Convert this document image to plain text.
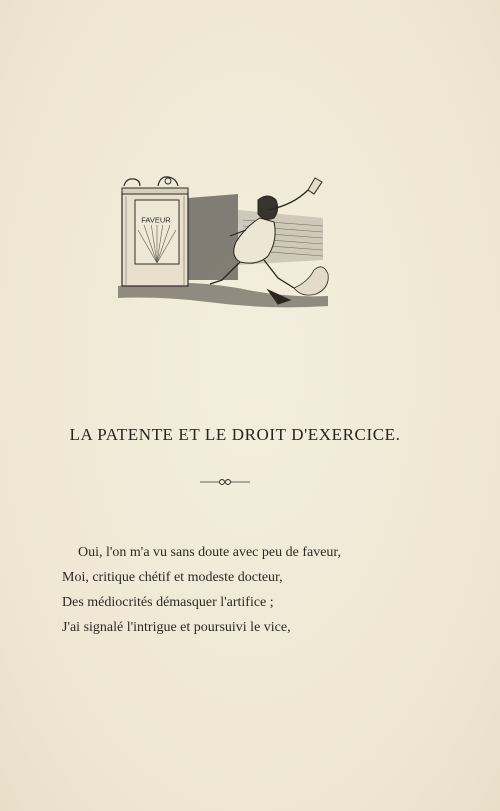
FAVEUR
LA PATENTE ET LE DROIT D'EXERCICE.

Oui, l'on m'a vu sans doute avec peu de faveur,

Moi, critique chétif et modeste docteur,

Des médiocrités démasquer l'artifice ;

J'ai signalé l'intrigue et poursuivi le vice,
